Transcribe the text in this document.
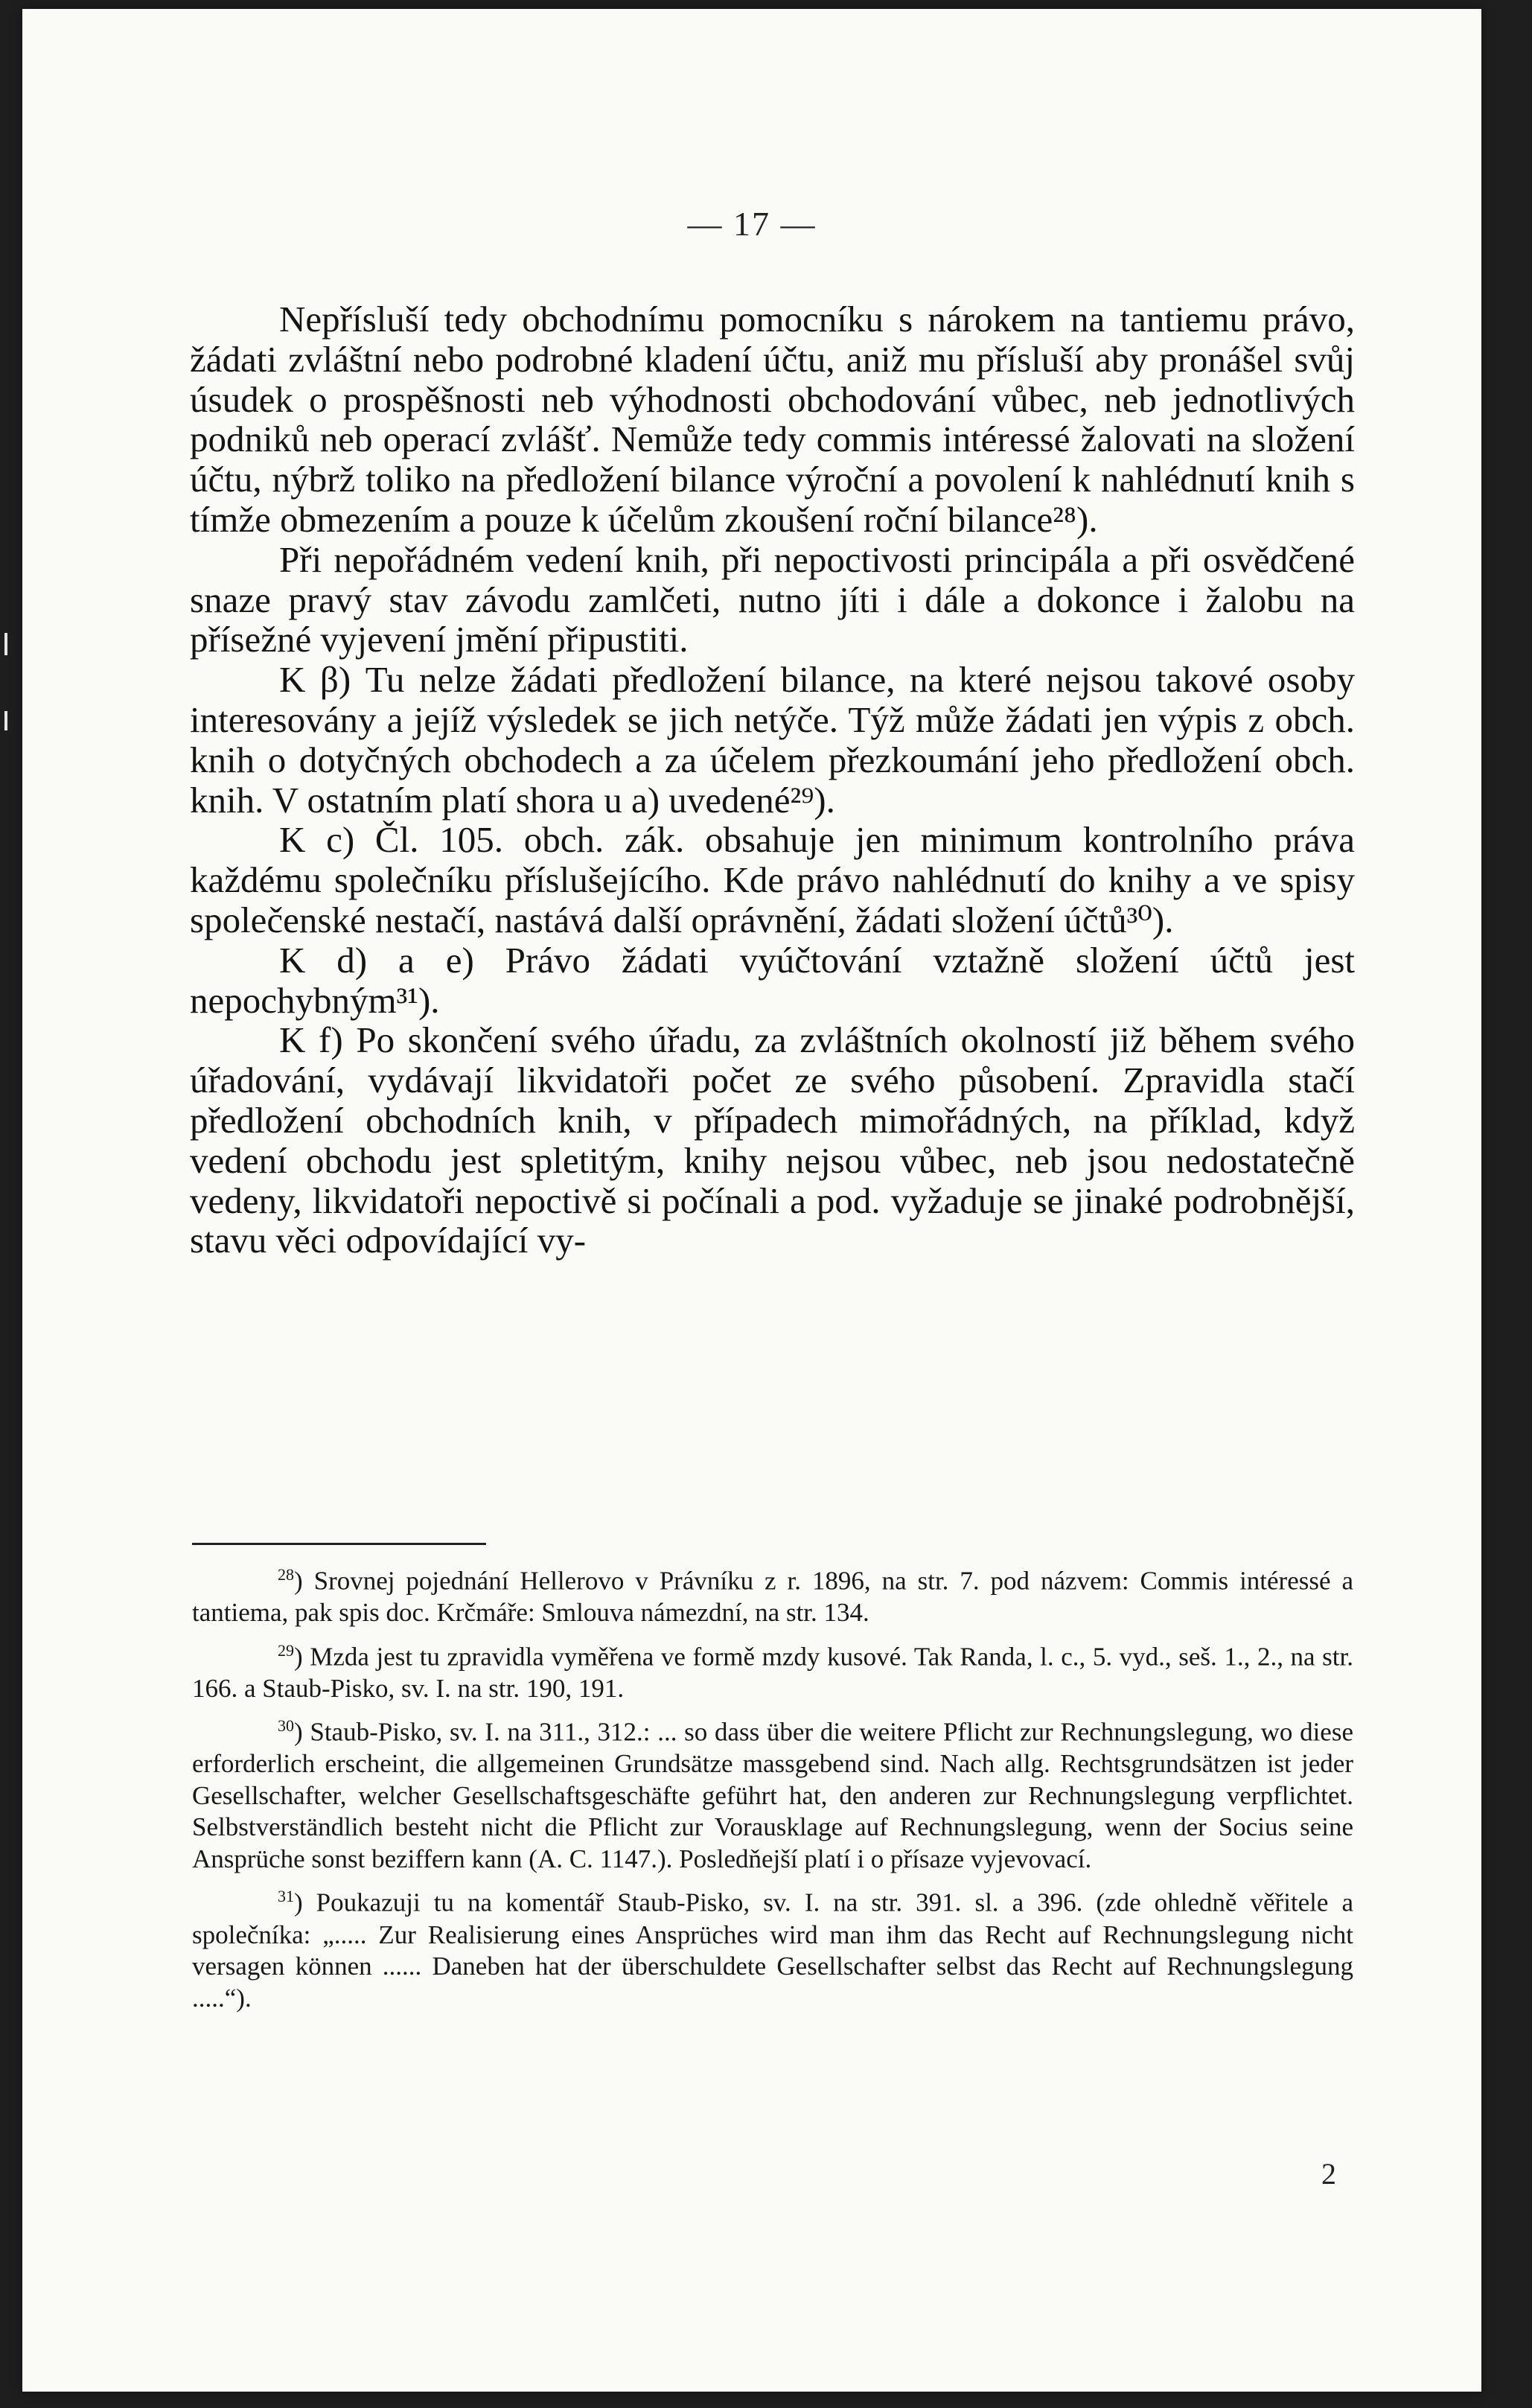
— 17 —

Nepřísluší tedy obchodnímu pomocníku s nárokem na tantiemu právo, žádati zvláštní nebo podrobné kladení účtu, aniž mu přísluší aby pronášel svůj úsudek o prospěšnosti neb výhodnosti obchodování vůbec, neb jednotlivých podniků neb operací zvlášť. Nemůže tedy commis intéressé žalovati na složení účtu, nýbrž toliko na předložení bilance výroční a povolení k nahlédnutí knih s tímže obmezením a pouze k účelům zkoušení roční bilance²⁸).

Při nepořádném vedení knih, při nepoctivosti principála a při osvědčené snaze pravý stav závodu zamlčeti, nutno jíti i dále a dokonce i žalobu na přísežné vyjevení jmění připustiti.

K β) Tu nelze žádati předložení bilance, na které nejsou takové osoby interesovány a jejíž výsledek se jich netýče. Týž může žádati jen výpis z obch. knih o dotyčných obchodech a za účelem přezkoumání jeho předložení obch. knih. V ostatním platí shora u a) uvedené²⁹).

K c) Čl. 105. obch. zák. obsahuje jen minimum kontrolního práva každému společníku příslušejícího. Kde právo nahlédnutí do knihy a ve spisy společenské nestačí, nastává další oprávnění, žádati složení účtů³⁰).

K d) a e) Právo žádati vyúčtování vztažně složení účtů jest nepochybným³¹).

K f) Po skončení svého úřadu, za zvláštních okolností již během svého úřadování, vydávají likvidatoři počet ze svého působení. Zpravidla stačí předložení obchodních knih, v případech mimořádných, na příklad, když vedení obchodu jest spletitým, knihy nejsou vůbec, neb jsou nedostatečně vedeny, likvidatoři nepoctivě si počínali a pod. vyžaduje se jinaké podrobnější, stavu věci odpovídající vy-

$^{28}$) Srovnej pojednání Hellerovo v Právníku z r. 1896, na str. 7. pod názvem: Commis intéressé a tantiema, pak spis doc. Krčmáře: Smlouva námezdní, na str. 134.

$^{29}$) Mzda jest tu zpravidla vyměřena ve formě mzdy kusové. Tak Randa, l. c., 5. vyd., seš. 1., 2., na str. 166. a Staub-Pisko, sv. I. na str. 190, 191.

$^{30}$) Staub-Pisko, sv. I. na 311., 312.: ... so dass über die weitere Pflicht zur Rechnungslegung, wo diese erforderlich erscheint, die allgemeinen Grundsätze massgebend sind. Nach allg. Rechtsgrundsätzen ist jeder Gesellschafter, welcher Gesellschaftsgeschäfte geführt hat, den anderen zur Rechnungslegung verpflichtet. Selbstverständlich besteht nicht die Pflicht zur Vorausklage auf Rechnungslegung, wenn der Socius seine Ansprüche sonst beziffern kann (A. C. 1147.). Posledňejší platí i o přísaze vyjevovací.

$^{31}$) Poukazuji tu na komentář Staub-Pisko, sv. I. na str. 391. sl. a 396. (zde ohledně věřitele a společníka: „..... Zur Realisierung eines Ansprüches wird man ihm das Recht auf Rechnungslegung nicht versagen können ...... Daneben hat der überschuldete Gesellschafter selbst das Recht auf Rechnungslegung .....“).

2
